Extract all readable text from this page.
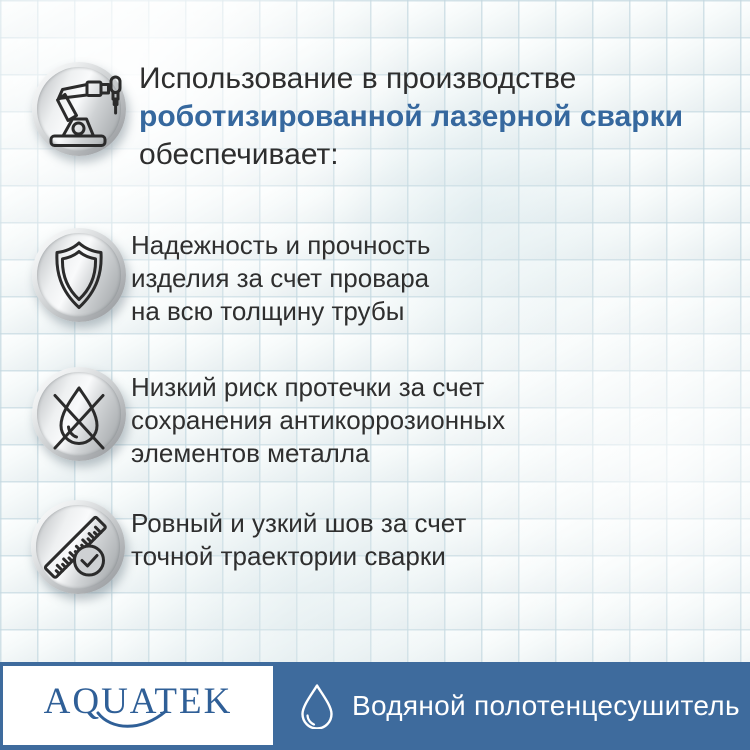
Использование в производстве
роботизированной лазерной сварки
обеспечивает:
Надежность и прочность
изделия за счет провара
на всю толщину трубы
Низкий риск протечки за счет
сохранения антикоррозионных
элементов металла
Ровный и узкий шов за счет
точной траектории сварки
AQUATEK	Водяной полотенцесушитель
